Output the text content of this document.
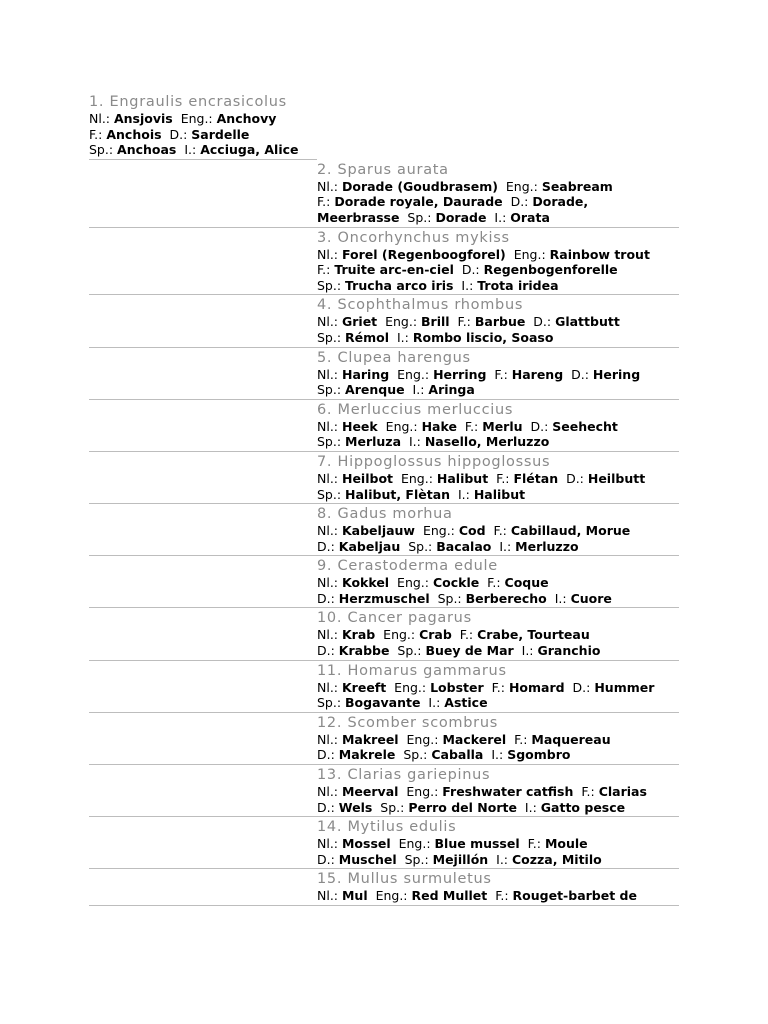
1. Engraulis encrasicolus
Nl.: Ansjovis Eng.: Anchovy
F.: Anchois D.: Sardelle
Sp.: Anchoas I.: Acciuga, Alice
2. Sparus aurata
Nl.: Dorade (Goudbrasem) Eng.: Seabream
F.: Dorade royale, Daurade D.: Dorade,
Meerbrasse Sp.: Dorade I.: Orata
3. Oncorhynchus mykiss
Nl.: Forel (Regenboogforel) Eng.: Rainbow trout
F.: Truite arc-en-ciel D.: Regenbogenforelle
Sp.: Trucha arco iris I.: Trota iridea
4. Scophthalmus rhombus
Nl.: Griet Eng.: Brill F.: Barbue D.: Glattbutt
Sp.: Rémol I.: Rombo liscio, Soaso
5. Clupea harengus
Nl.: Haring Eng.: Herring F.: Hareng D.: Hering
Sp.: Arenque I.: Aringa
6. Merluccius merluccius
Nl.: Heek Eng.: Hake F.: Merlu D.: Seehecht
Sp.: Merluza I.: Nasello, Merluzzo
7. Hippoglossus hippoglossus
Nl.: Heilbot Eng.: Halibut F.: Flétan D.: Heilbutt
Sp.: Halibut, Flètan I.: Halibut
8. Gadus morhua
Nl.: Kabeljauw Eng.: Cod F.: Cabillaud, Morue
D.: Kabeljau Sp.: Bacalao I.: Merluzzo
9. Cerastoderma edule
Nl.: Kokkel Eng.: Cockle F.: Coque
D.: Herzmuschel Sp.: Berberecho I.: Cuore
10. Cancer pagarus
Nl.: Krab Eng.: Crab F.: Crabe, Tourteau
D.: Krabbe Sp.: Buey de Mar I.: Granchio
11. Homarus gammarus
Nl.: Kreeft Eng.: Lobster F.: Homard D.: Hummer
Sp.: Bogavante I.: Astice
12. Scomber scombrus
Nl.: Makreel Eng.: Mackerel F.: Maquereau
D.: Makrele Sp.: Caballa I.: Sgombro
13. Clarias gariepinus
Nl.: Meerval Eng.: Freshwater catfish F.: Clarias
D.: Wels Sp.: Perro del Norte I.: Gatto pesce
14. Mytilus edulis
Nl.: Mossel Eng.: Blue mussel F.: Moule
D.: Muschel Sp.: Mejillón I.: Cozza, Mitilo
15. Mullus surmuletus
Nl.: Mul Eng.: Red Mullet F.: Rouget-barbet de
